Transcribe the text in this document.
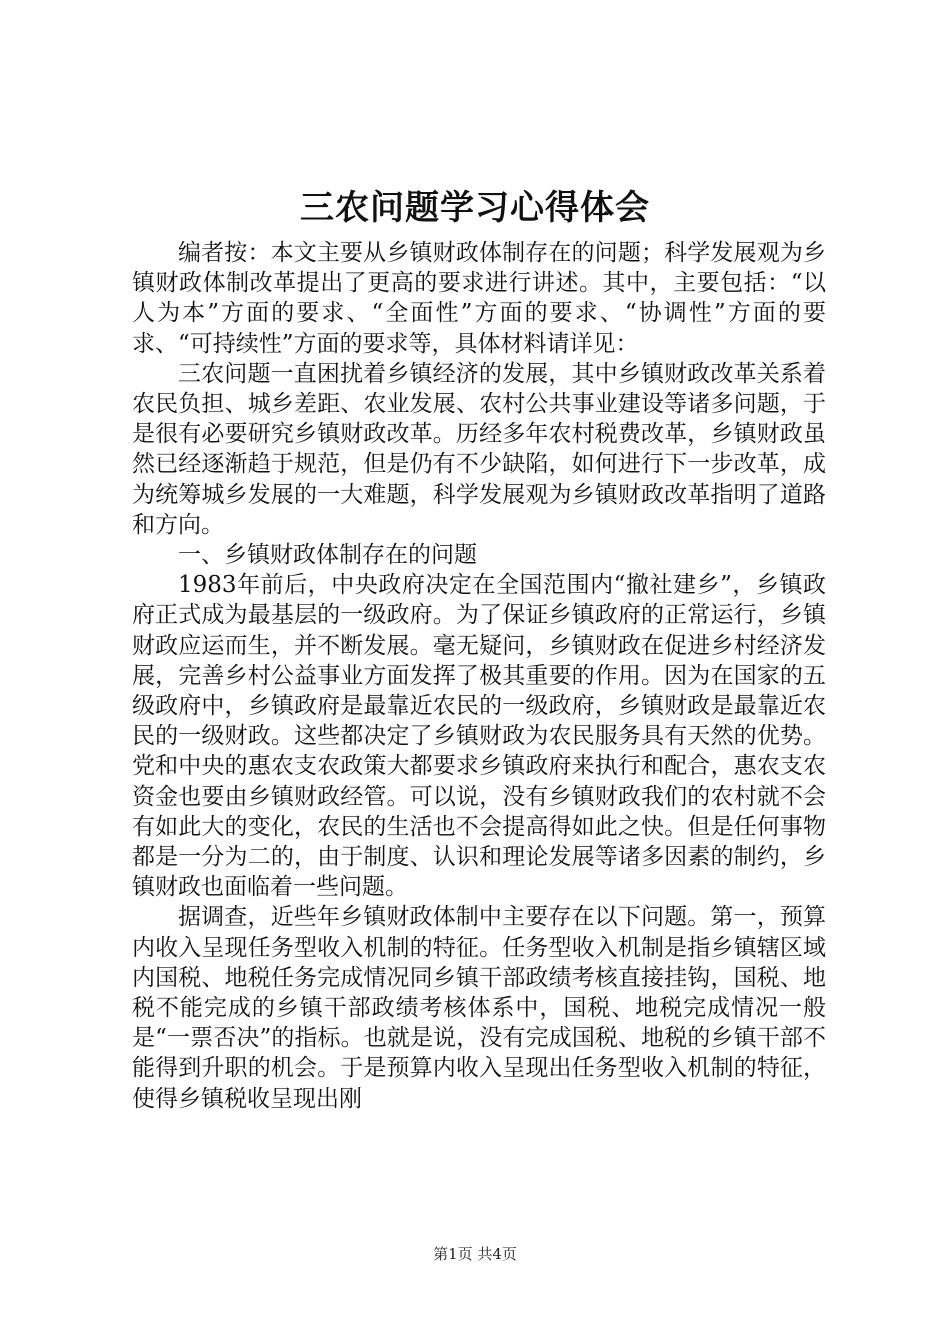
三农问题学习心得体会

编者按：本文主要从乡镇财政体制存在的问题；科学发展观为乡镇财政体制改革提出了更高的要求进行讲述。其中，主要包括：“以人为本”方面的要求、“全面性”方面的要求、“协调性”方面的要求、“可持续性”方面的要求等，具体材料请详见：

三农问题一直困扰着乡镇经济的发展，其中乡镇财政改革关系着农民负担、城乡差距、农业发展、农村公共事业建设等诸多问题，于是很有必要研究乡镇财政改革。历经多年农村税费改革，乡镇财政虽然已经逐渐趋于规范，但是仍有不少缺陷，如何进行下一步改革，成为统筹城乡发展的一大难题，科学发展观为乡镇财政改革指明了道路和方向。

一、乡镇财政体制存在的问题

1983年前后，中央政府决定在全国范围内“撤社建乡”，乡镇政府正式成为最基层的一级政府。为了保证乡镇政府的正常运行，乡镇财政应运而生，并不断发展。毫无疑问，乡镇财政在促进乡村经济发展，完善乡村公益事业方面发挥了极其重要的作用。因为在国家的五级政府中，乡镇政府是最靠近农民的一级政府，乡镇财政是最靠近农民的一级财政。这些都决定了乡镇财政为农民服务具有天然的优势。党和中央的惠农支农政策大都要求乡镇政府来执行和配合，惠农支农资金也要由乡镇财政经管。可以说，没有乡镇财政我们的农村就不会有如此大的变化，农民的生活也不会提高得如此之快。但是任何事物都是一分为二的，由于制度、认识和理论发展等诸多因素的制约，乡镇财政也面临着一些问题。

据调查，近些年乡镇财政体制中主要存在以下问题。第一，预算内收入呈现任务型收入机制的特征。任务型收入机制是指乡镇辖区域内国税、地税任务完成情况同乡镇干部政绩考核直接挂钩，国税、地税不能完成的乡镇干部政绩考核体系中，国税、地税完成情况一般是“一票否决”的指标。也就是说，没有完成国税、地税的乡镇干部不能得到升职的机会。于是预算内收入呈现出任务型收入机制的特征，使得乡镇税收呈现出刚

第1页 共4页
